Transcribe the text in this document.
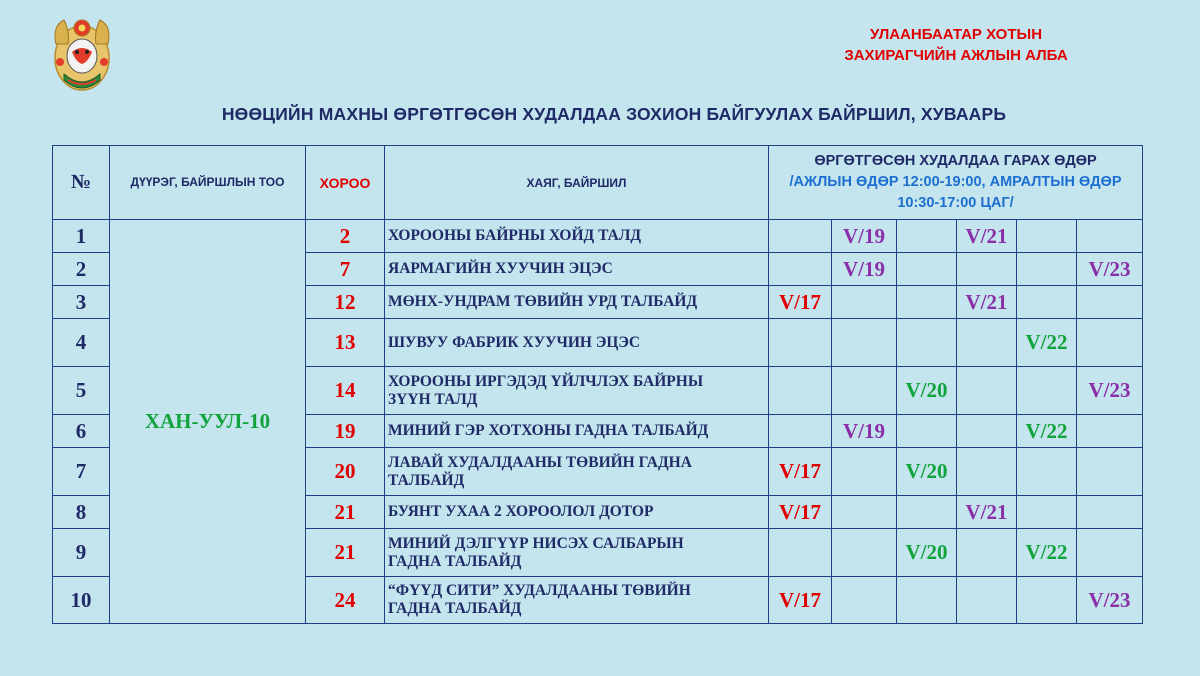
УЛААНБААТАР ХОТЫН
ЗАХИРАГЧИЙН АЖЛЫН АЛБА
НӨӨЦИЙН МАХНЫ ӨРГӨТГӨСӨН ХУДАЛДАА ЗОХИОН БАЙГУУЛАХ БАЙРШИЛ, ХУВААРЬ
№	ДҮҮРЭГ, БАЙРШЛЫН ТОО	ХОРОО	ХАЯГ, БАЙРШИЛ	ӨРГӨТГӨСӨН ХУДАЛДАА ГАРАХ ӨДӨР
/АЖЛЫН ӨДӨР 12:00-19:00, АМРАЛТЫН ӨДӨР 10:30-17:00 ЦАГ/					

1	ХАН-УУЛ-10	2	ХОРООНЫ БАЙРНЫ ХОЙД ТАЛД		V/19		V/21		
2		7	ЯАРМАГИЙН ХУУЧИН ЭЦЭС		V/19				V/23
3		12	МӨНХ-УНДРАМ ТӨВИЙН УРД ТАЛБАЙД	V/17			V/21		
4		13	ШУВУУ ФАБРИК ХУУЧИН ЭЦЭС					V/22	
5		14	ХОРООНЫ ИРГЭДЭД ҮЙЛЧЛЭХ БАЙРНЫ
ЗҮҮН ТАЛД			V/20			V/23
6		19	МИНИЙ ГЭР ХОТХОНЫ ГАДНА ТАЛБАЙД		V/19			V/22	
7		20	ЛАВАЙ ХУДАЛДААНЫ ТӨВИЙН ГАДНА
ТАЛБАЙД	V/17		V/20			
8		21	БУЯНТ УХАА 2 ХОРООЛОЛ ДОТОР	V/17			V/21		
9		21	МИНИЙ ДЭЛГҮҮР НИСЭХ САЛБАРЫН
ГАДНА ТАЛБАЙД			V/20		V/22	
10		24	“ФҮҮД СИТИ” ХУДАЛДААНЫ ТӨВИЙН
ГАДНА ТАЛБАЙД	V/17					V/23
